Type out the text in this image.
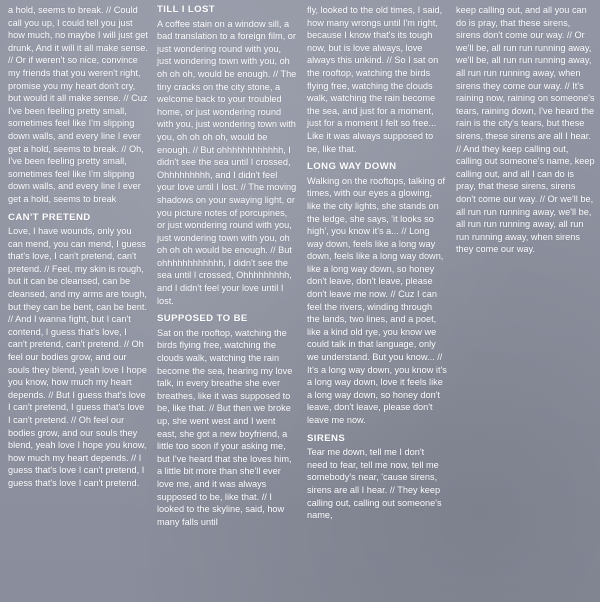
a hold, seems to break. // Could call you up, I could tell you just how much, no maybe I will just get drunk, And it will it all make sense. // Or if weren't so nice, convince my friends that you weren't right, promise you my heart don't cry, but would it all make sense. // Cuz I've been feeling pretty small, sometimes feel like I'm slipping down walls, and every line I ever get a hold, seems to break. // Oh, I've been feeling pretty small, sometimes feel like I'm slipping down walls, and every line I ever get a hold, seems to break

CAN'T PRETEND

Love, I have wounds, only you can mend, you can mend, I guess that's love, I can't pretend, can't pretend. // Feel, my skin is rough, but it can be cleansed, can be cleansed, and my arms are tough, but they can be bent, can be bent. // And I wanna fight, but I can't contend, I guess that's love, I can't pretend, can't pretend. // Oh feel our bodies grow, and our souls they blend, yeah love I hope you know, how much my heart depends. // But I guess that's love I can't pretend, I guess that's love I can't pretend. // Oh feel our bodies grow, and our souls they blend, yeah love I hope you know, how much my heart depends. // I guess that's love I can't pretend, I guess that's love I can't pretend.

TILL I LOST

A coffee stain on a window sill, a bad translation to a foreign film, or just wondering round with you, just wondering town with you, oh oh oh oh, would be enough. // The tiny cracks on the city stone, a welcome back to your troubled home, or just wondering round with you, just wondering town with you, oh oh oh oh, would be enough. // But ohhhhhhhhhhhh, I didn't see the sea until I crossed, Ohhhhhhhhh, and I didn't feel your love until I lost. // The moving shadows on your swaying light, or you picture notes of porcupines, or just wondering round with you, just wondering town with you, oh oh oh oh would be enough. // But ohhhhhhhhhhhh, I didn't see the sea until I crossed, Ohhhhhhhhh, and I didn't feel your love until I lost.

SUPPOSED TO BE

Sat on the rooftop, watching the birds flying free, watching the clouds walk, watching the rain become the sea, hearing my love talk, in every breathe she ever breathes, like it was supposed to be, like that. // But then we broke up, she went west and I went east, she got a new boyfriend, a little too soon if your asking me, but I've heard that she loves him, a little bit more than she'll ever love me, and it was always supposed to be, like that. // I looked to the skyline, said, how many falls until

fly, looked to the old times, I said, how many wrongs until I'm right, because I know that's its tough now, but is love always, love always this unkind. // So I sat on the rooftop, watching the birds flying free, watching the clouds walk, watching the rain become the sea, and just for a moment, just for a moment I felt so free... Like it was always supposed to be, like that.

LONG WAY DOWN

Walking on the rooftops, talking of times, with our eyes a glowing, like the city lights, she stands on the ledge, she says, 'it looks so high', you know it's a... // Long way down, feels like a long way down, feels like a long way down, like a long way down, so honey don't leave, don't leave, please don't leave me now. // Cuz I can feel the rivers, winding through the lands, two lines, and a poet, like a kind old rye, you know we could talk in that language, only we understand. But you know... // It's a long way down, you know it's a long way down, love it feels like a long way down, so honey don't leave, don't leave, please don't leave me now.

SIRENS

Tear me down, tell me I don't need to fear, tell me now, tell me somebody's near, 'cause sirens, sirens are all I hear. // They keep calling out, calling out someone's name,

keep calling out, and all you can do is pray, that these sirens, sirens don't come our way. // Or we'll be, all run run running away, we'll be, all run run running away, all run run running away, when sirens they come our way. // It's raining now, raining on someone's tears, raining down, I've heard the rain is the city's tears, but these sirens, these sirens are all I hear. // And they keep calling out, calling out someone's name, keep calling out, and all I can do is pray, that these sirens, sirens don't come our way. // Or we'll be, all run run running away, we'll be, all run run running away, all run run running away, when sirens they come our way.
